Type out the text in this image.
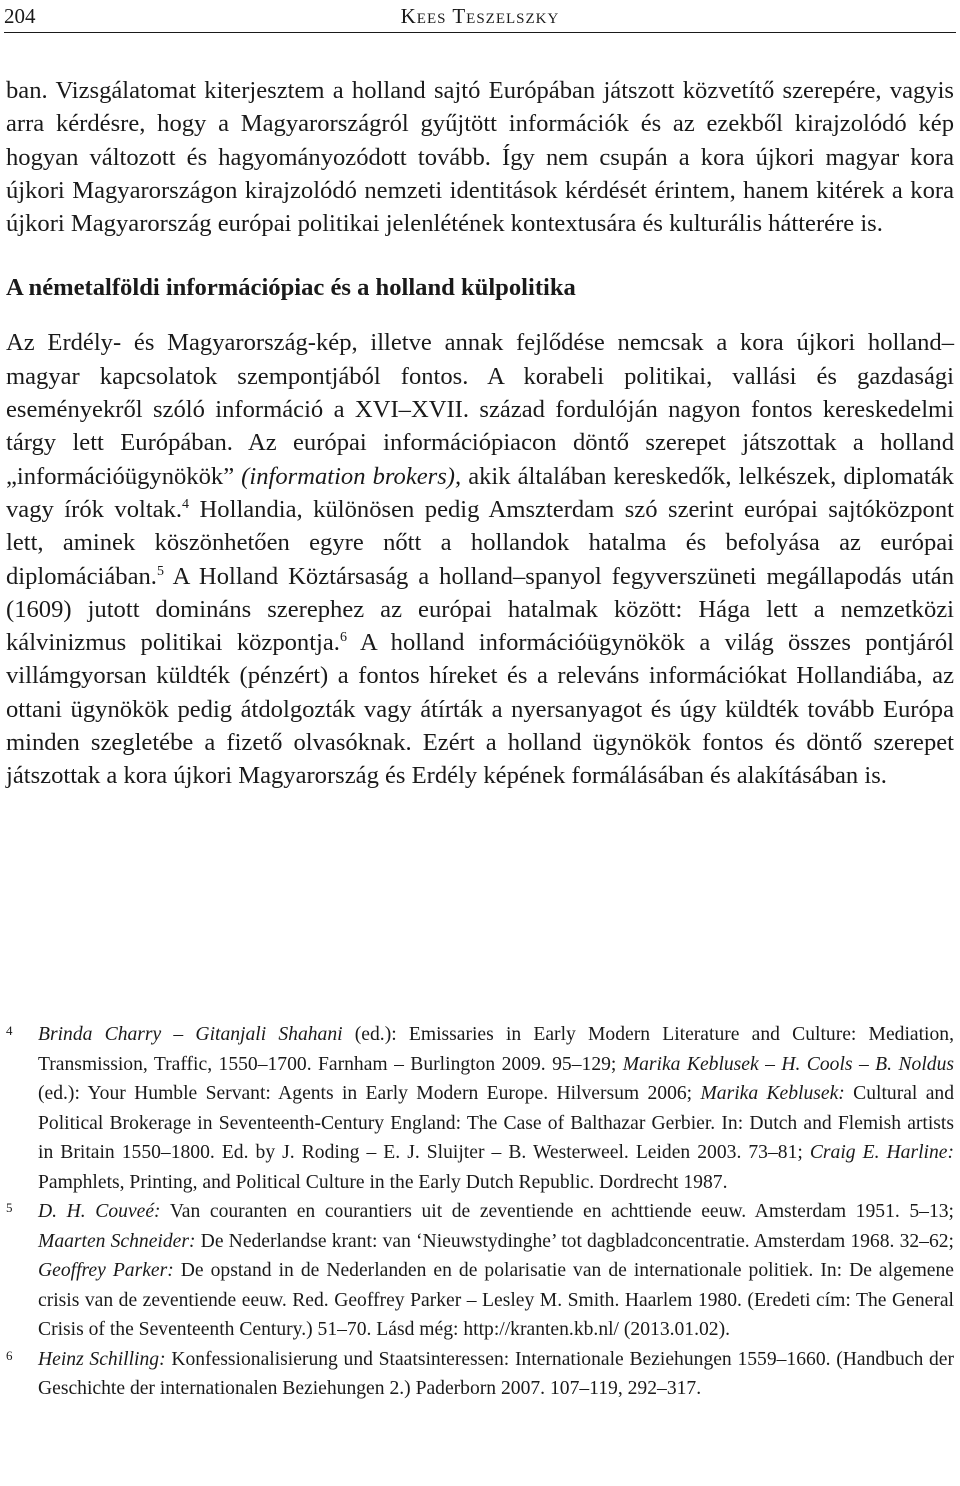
204	Kees Teszelszky

ban. Vizsgálatomat kiterjesztem a holland sajtó Európában játszott közvetítő szerepére, vagyis arra kérdésre, hogy a Magyarországról gyűjtött információk és az ezekből kirajzolódó kép hogyan változott és hagyományozódott tovább. Így nem csupán a kora újkori magyar kora újkori Magyarországon kirajzolódó nemzeti identitások kérdését érintem, hanem kitérek a kora újkori Magyarország európai politikai jelenlétének kontextusára és kulturális hátterére is.

A németalföldi információpiac és a holland külpolitika

Az Erdély- és Magyarország-kép, illetve annak fejlődése nemcsak a kora újkori holland–magyar kapcsolatok szempontjából fontos. A korabeli politikai, vallási és gazdasági eseményekről szóló információ a XVI–XVII. század fordulóján nagyon fontos kereskedelmi tárgy lett Európában. Az európai információpiacon döntő szerepet játszottak a holland „információügynökök” (information brokers), akik általában kereskedők, lelkészek, diplomaták vagy írók voltak.$^4$ Hollandia, különösen pedig Amszterdam szó szerint európai sajtóközpont lett, aminek köszönhetően egyre nőtt a hollandok hatalma és befolyása az európai diplomáciában.$^5$ A Holland Köztársaság a holland–spanyol fegyverszüneti megállapodás után (1609) jutott domináns szerephez az európai hatalmak között: Hága lett a nemzetközi kálvinizmus politikai központja.$^6$ A holland információügynökök a világ összes pontjáról villámgyorsan küldték (pénzért) a fontos híreket és a releváns információkat Hollandiába, az ottani ügynökök pedig átdolgozták vagy átírták a nyersanyagot és úgy küldték tovább Európa minden szegletébe a fizető olvasóknak. Ezért a holland ügynökök fontos és döntő szerepet játszottak a kora újkori Magyarország és Erdély képének formálásában és alakításában is.

4 Brinda Charry – Gitanjali Shahani (ed.): Emissaries in Early Modern Literature and Culture: Mediation, Transmission, Traffic, 1550–1700. Farnham – Burlington 2009. 95–129; Marika Keblusek – H. Cools – B. Noldus (ed.): Your Humble Servant: Agents in Early Modern Europe. Hilversum 2006; Marika Keblusek: Cultural and Political Brokerage in Seventeenth-Century England: The Case of Balthazar Gerbier. In: Dutch and Flemish artists in Britain 1550–1800. Ed. by J. Roding – E. J. Sluijter – B. Westerweel. Leiden 2003. 73–81; Craig E. Harline: Pamphlets, Printing, and Political Culture in the Early Dutch Republic. Dordrecht 1987.
5 D. H. Couveé: Van couranten en courantiers uit de zeventiende en achttiende eeuw. Amsterdam 1951. 5–13; Maarten Schneider: De Nederlandse krant: van ‘Nieuwstydinghe’ tot dagbladconcentratie. Amsterdam 1968. 32–62; Geoffrey Parker: De opstand in de Nederlanden en de polarisatie van de internationale politiek. In: De algemene crisis van de zeventiende eeuw. Red. Geoffrey Parker – Lesley M. Smith. Haarlem 1980. (Eredeti cím: The General Crisis of the Seventeenth Century.) 51–70. Lásd még: http://kranten.kb.nl/ (2013.01.02).
6 Heinz Schilling: Konfessionalisierung und Staatsinteressen: Internationale Beziehungen 1559–1660. (Handbuch der Geschichte der internationalen Beziehungen 2.) Paderborn 2007. 107–119, 292–317.
